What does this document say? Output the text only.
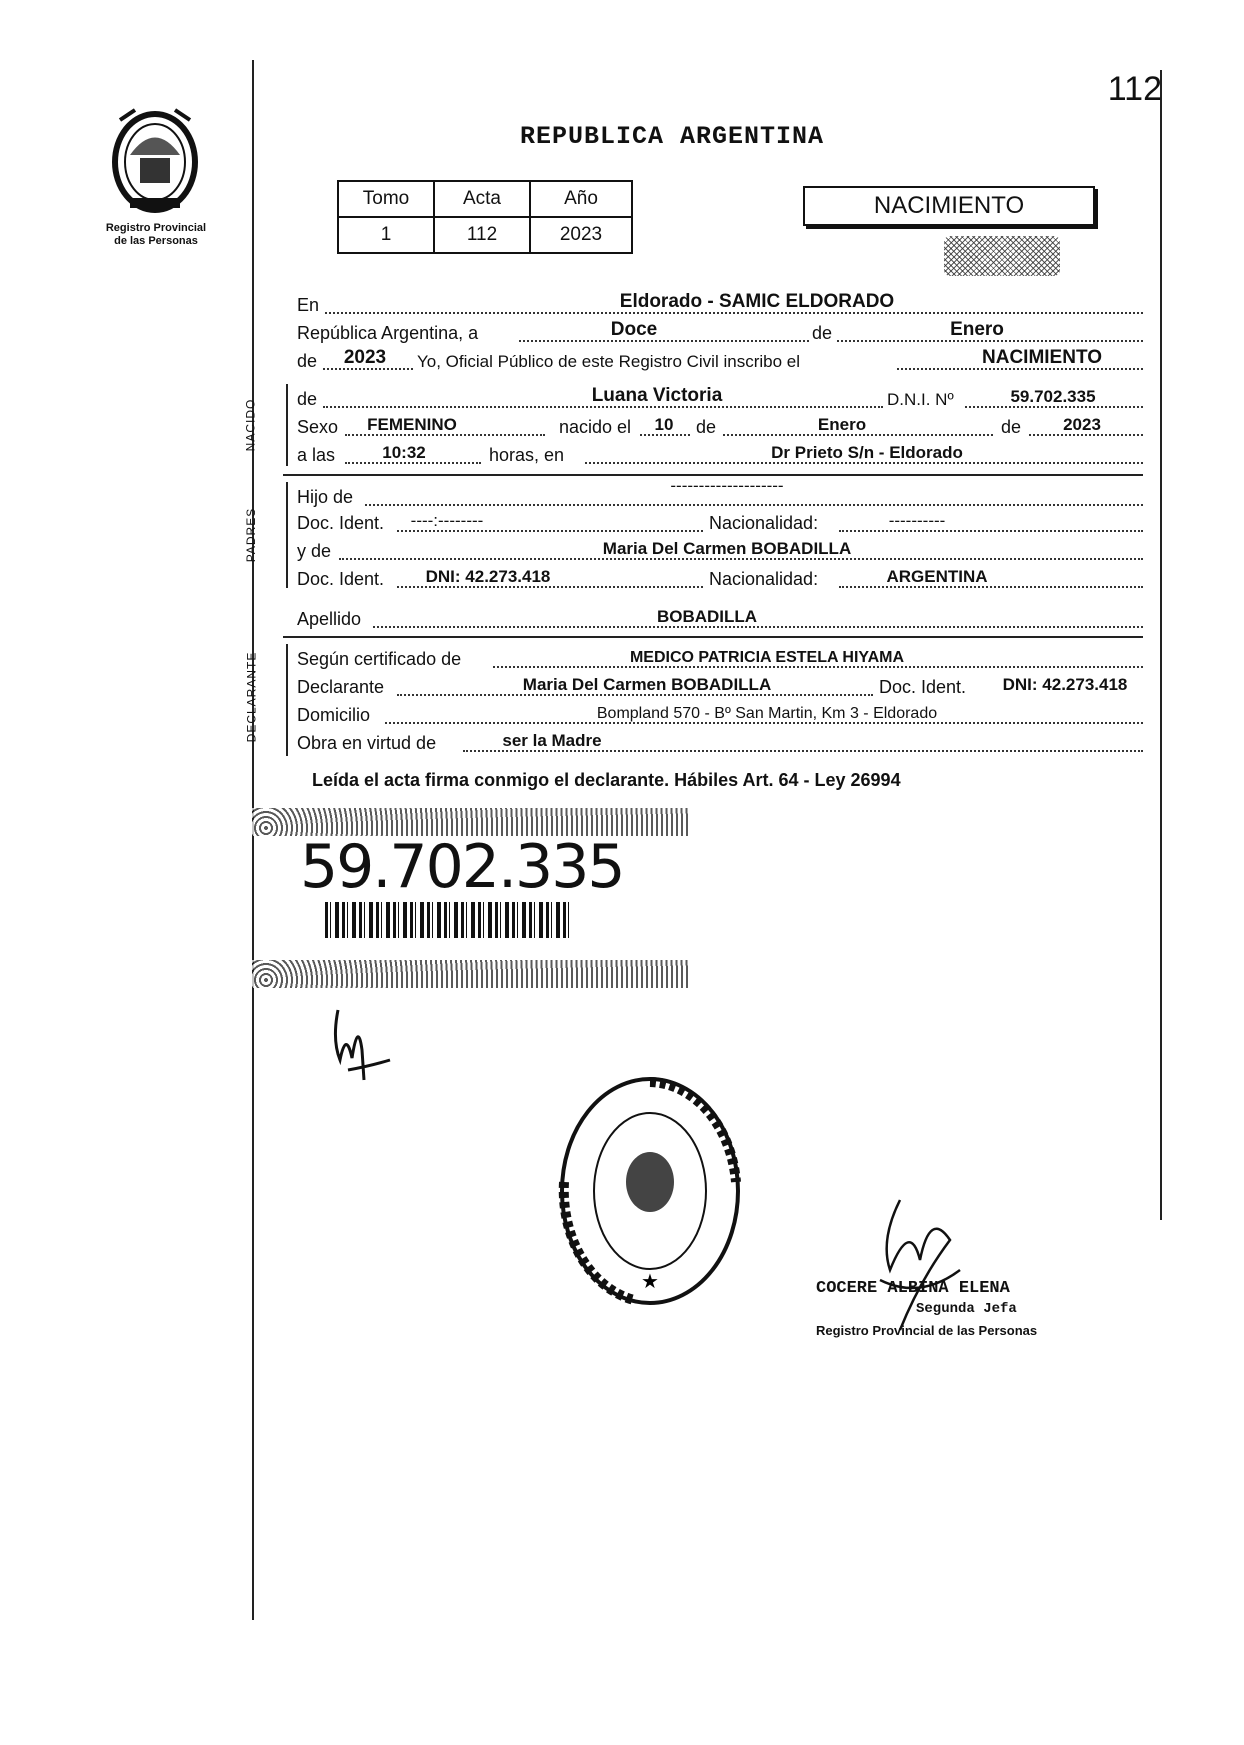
Registro Provincial
de las Personas
112
REPUBLICA ARGENTINA
Tomo	Acta	Año
1	112	2023
NACIMIENTO
En	Eldorado - SAMIC ELDORADO
República Argentina, a	Doce	de	Enero
de	2023	Yo, Oficial Público de este Registro Civil inscribo el	NACIMIENTO
NACIDO de	Luana Victoria	D.N.I. Nº	59.702.335
Sexo	FEMENINO	nacido el	10	de	Enero	de	2023
a las	10:32	horas, en	Dr Prieto S/n - Eldorado
PADRES
Hijo de
--------------------
Doc. Ident.	----:--------	Nacionalidad:	----------
y de	Maria Del Carmen BOBADILLA
Doc. Ident.	DNI: 42.273.418	Nacionalidad:	ARGENTINA
Apellido	BOBADILLA
DECLARANTE Según certificado de	MEDICO PATRICIA ESTELA HIYAMA
Declarante	Maria Del Carmen BOBADILLA	Doc. Ident.	DNI: 42.273.418
Domicilio	Bompland 570 - Bº San Martin, Km 3 - Eldorado
Obra en virtud de	ser la Madre
Leída el acta firma conmigo el declarante. Hábiles Art. 64 - Ley 26994
59.702.335
★	COCERE ALBINA ELENA
Segunda Jefa
Registro Provincial de las Personas
